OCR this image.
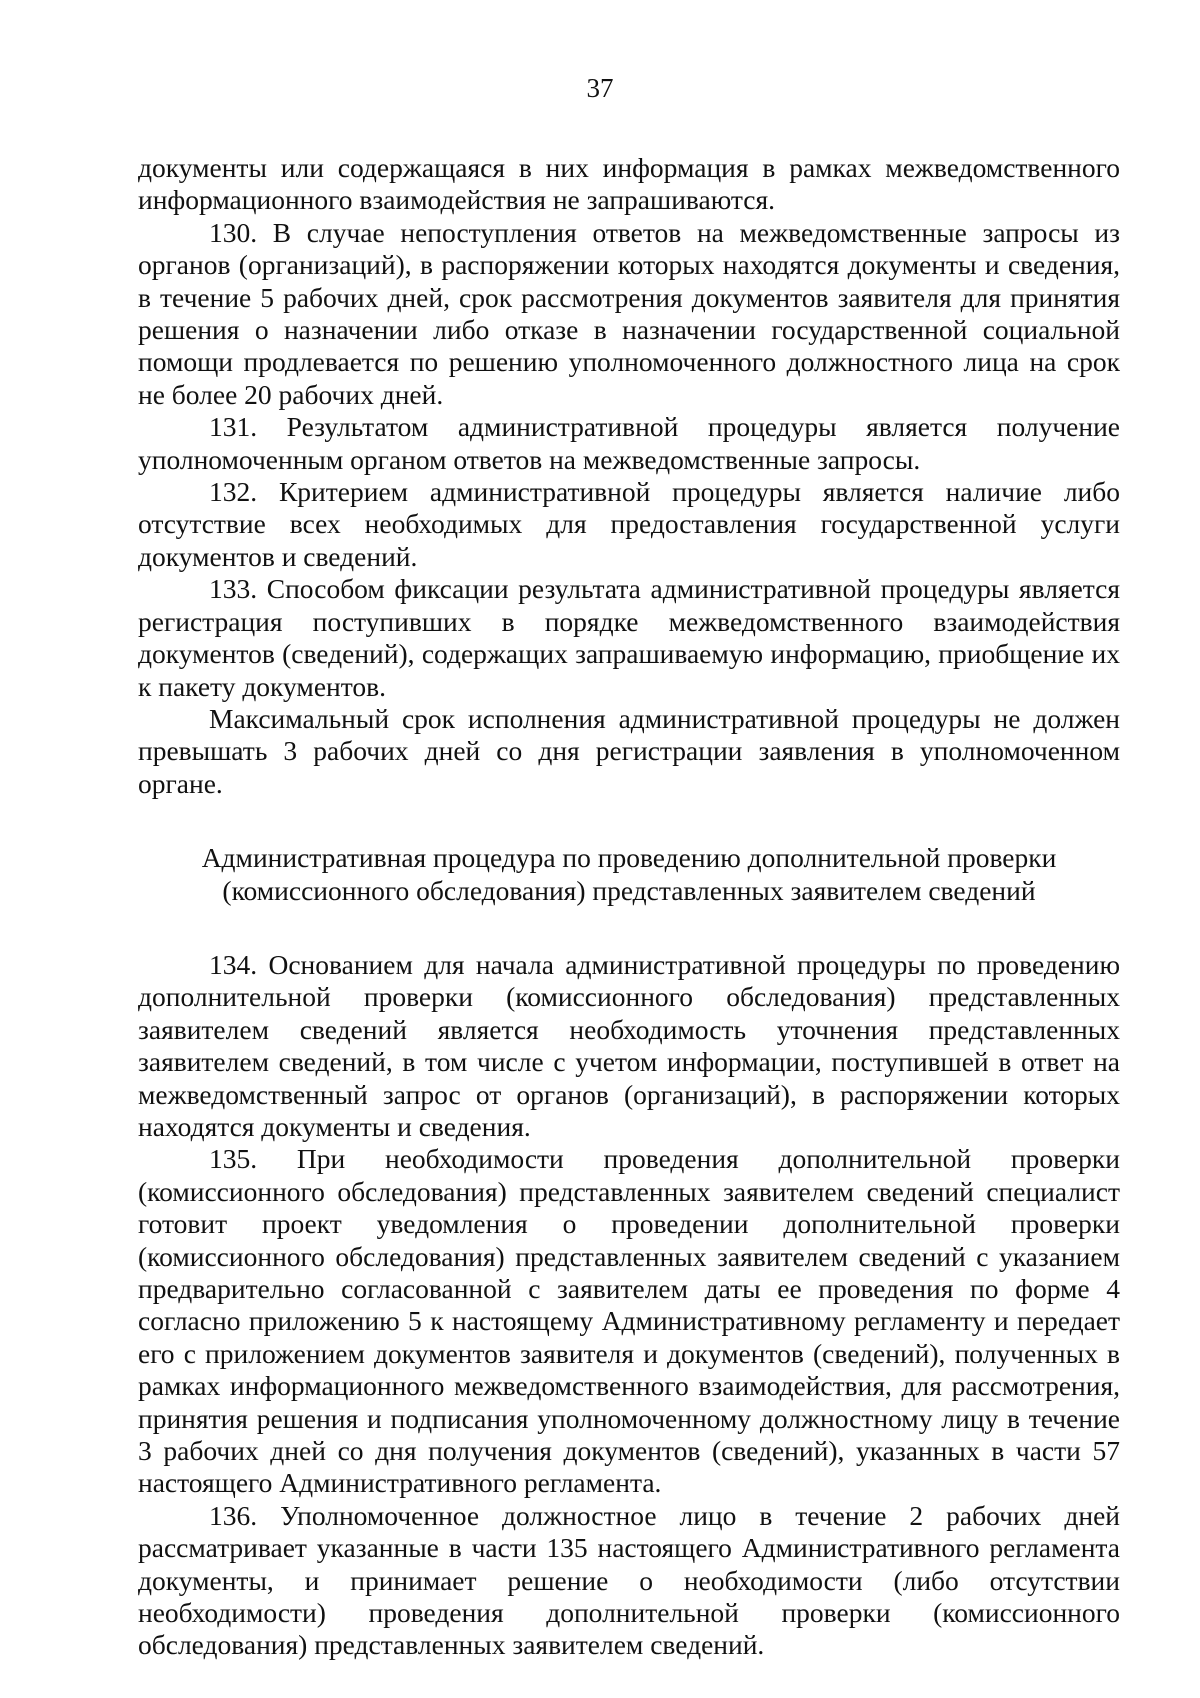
37

документы или содержащаяся в них информация в рамках межведомственного информационного взаимодействия не запрашиваются.

130. В случае непоступления ответов на межведомственные запросы из органов (организаций), в распоряжении которых находятся документы и сведения, в течение 5 рабочих дней, срок рассмотрения документов заявителя для принятия решения о назначении либо отказе в назначении государственной социальной помощи продлевается по решению уполномоченного должностного лица на срок не более 20 рабочих дней.

131. Результатом административной процедуры является получение уполномоченным органом ответов на межведомственные запросы.

132. Критерием административной процедуры является наличие либо отсутствие всех необходимых для предоставления государственной услуги документов и сведений.

133. Способом фиксации результата административной процедуры является регистрация поступивших в порядке межведомственного взаимодействия документов (сведений), содержащих запрашиваемую информацию, приобщение их к пакету документов.

Максимальный срок исполнения административной процедуры не должен превышать 3 рабочих дней со дня регистрации заявления в уполномоченном органе.

Административная процедура по проведению дополнительной проверки
(комиссионного обследования) представленных заявителем сведений

134. Основанием для начала административной процедуры по проведению дополнительной проверки (комиссионного обследования) представленных заявителем сведений является необходимость уточнения представленных заявителем сведений, в том числе с учетом информации, поступившей в ответ на межведомственный запрос от органов (организаций), в распоряжении которых находятся документы и сведения.

135. При необходимости проведения дополнительной проверки (комиссионного обследования) представленных заявителем сведений специалист готовит проект уведомления о проведении дополнительной проверки (комиссионного обследования) представленных заявителем сведений с указанием предварительно согласованной с заявителем даты ее проведения по форме 4 согласно приложению 5 к настоящему Административному регламенту и передает его с приложением документов заявителя и документов (сведений), полученных в рамках информационного межведомственного взаимодействия, для рассмотрения, принятия решения и подписания уполномоченному должностному лицу в течение 3 рабочих дней со дня получения документов (сведений), указанных в части 57 настоящего Административного регламента.

136. Уполномоченное должностное лицо в течение 2 рабочих дней рассматривает указанные в части 135 настоящего Административного регламента документы, и принимает решение о необходимости (либо отсутствии необходимости) проведения дополнительной проверки (комиссионного обследования) представленных заявителем сведений.
